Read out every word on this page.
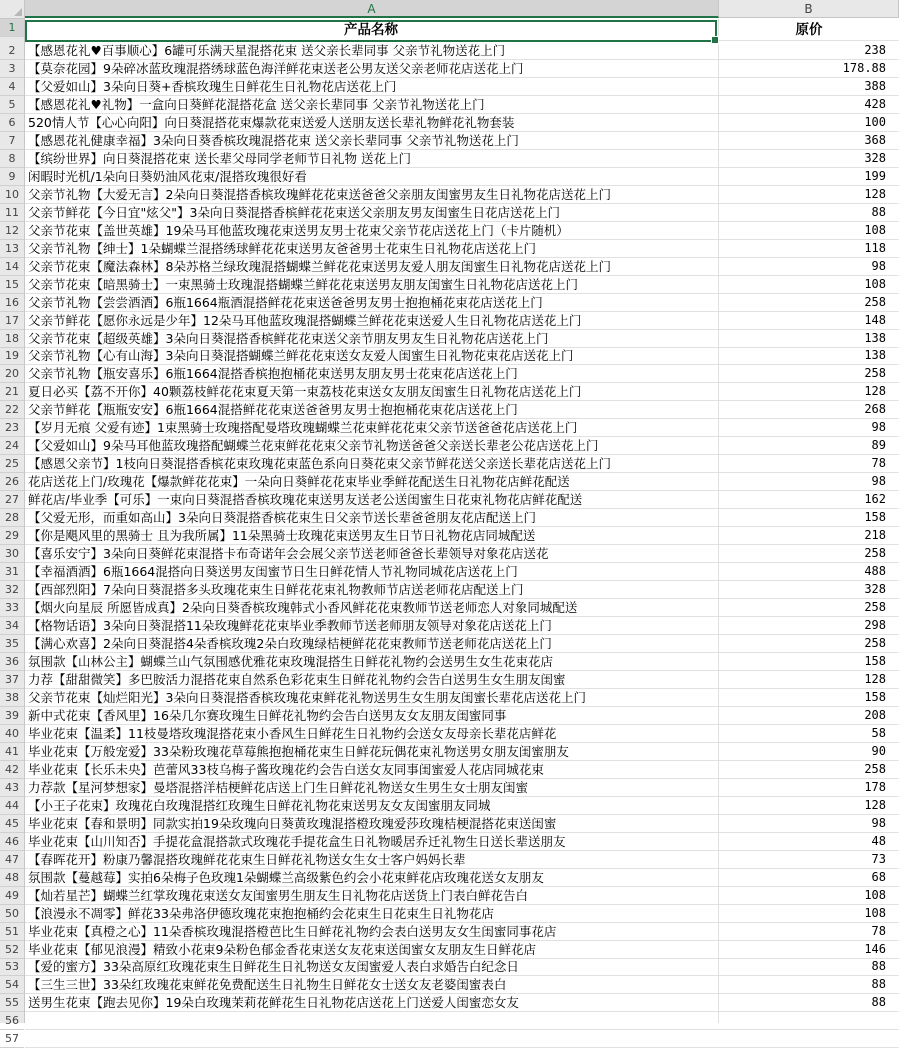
A	B
1	产品名称	原价
2	【感恩花礼♥百事顺心】6罐可乐满天星混搭花束 送父亲长辈同事 父亲节礼物送花上门	238
3	【莫奈花园】9朵碎冰蓝玫瑰混搭绣球蓝色海洋鲜花束送老公男友送父亲老师花店送花上门	178.88
4	【父爱如山】3朵向日葵+香槟玫瑰生日鲜花生日礼物花店送花上门	388
5	【感恩花礼♥礼物】一盒向日葵鲜花混搭花盒 送父亲长辈同事 父亲节礼物送花上门	428
6	520情人节【心心向阳】向日葵混搭花束爆款花束送爱人送朋友送长辈礼物鲜花礼物套装	100
7	【感恩花礼健康幸福】3朵向日葵香槟玫瑰混搭花束 送父亲长辈同事 父亲节礼物送花上门	368
8	【缤纷世界】向日葵混搭花束 送长辈父母同学老师节日礼物 送花上门	328
9	闲暇时光机/1朵向日葵奶油风花束/混搭玫瑰很好看	199
10 父亲节礼物【大爱无言】2朵向日葵混搭香槟玫瑰鲜花花束送爸爸父亲朋友闺蜜男友生日礼物花店送花上门	128
11 父亲节鲜花【今日宜"炫父"】3朵向日葵混搭香槟鲜花花束送父亲朋友男友闺蜜生日花店送花上门	88
12 父亲节花束【盖世英雄】19朵马耳他蓝玫瑰花束送男友男士花束父亲节花店送花上门（卡片随机）	108
13 父亲节礼物【绅士】1朵蝴蝶兰混搭绣球鲜花花束送男友爸爸男士花束生日礼物花店送花上门	118
14 父亲节花束【魔法森林】8朵苏格兰绿玫瑰混搭蝴蝶兰鲜花花束送男友爱人朋友闺蜜生日礼物花店送花上门	98
15 父亲节花束【暗黑骑士】一束黑骑士玫瑰混搭蝴蝶兰鲜花花束送男友朋友闺蜜生日礼物花店送花上门	108
16 父亲节礼物【尝尝酒酒】6瓶1664瓶酒混搭鲜花花束送爸爸男友男士抱抱桶花束花店送花上门	258
17 父亲节鲜花【愿你永远是少年】12朵马耳他蓝玫瑰混搭蝴蝶兰鲜花花束送爱人生日礼物花店送花上门	148
18 父亲节花束【超级英雄】3朵向日葵混搭香槟鲜花花束送父亲节朋友男友生日礼物花店送花上门	138
19 父亲节礼物【心有山海】3朵向日葵混搭蝴蝶兰鲜花花束送女友爱人闺蜜生日礼物花束花店送花上门	138
20 父亲节礼物【瓶安喜乐】6瓶1664混搭香槟抱抱桶花束送男友朋友男士花束花店送花上门	258
21 夏日必买【荔不开你】40颗荔枝鲜花花束夏天第一束荔枝花束送女友朋友闺蜜生日礼物花店送花上门	128
22 父亲节鲜花【瓶瓶安安】6瓶1664混搭鲜花花束送爸爸男友男士抱抱桶花束花店送花上门	268
23 【岁月无痕 父爱有迹】1束黑骑士玫瑰搭配曼塔玫瑰蝴蝶兰花束鲜花花束父亲节送爸爸花店送花上门	98
24 【父爱如山】9朵马耳他蓝玫瑰搭配蝴蝶兰花束鲜花花束父亲节礼物送爸爸父亲送长辈老公花店送花上门	89
25 【感恩父亲节】1枝向日葵混搭香槟花束玫瑰花束蓝色系向日葵花束父亲节鲜花送父亲送长辈花店送花上门	78
26 花店送花上门/玫瑰花【爆款鲜花花束】一朵向日葵鲜花花束毕业季鲜花配送生日礼物花店鲜花配送	98
27 鲜花店/毕业季【可乐】一束向日葵混搭香槟玫瑰花束送男友送老公送闺蜜生日花束礼物花店鲜花配送	162
28 【父爱无形，而重如高山】3朵向日葵混搭香槟花束生日父亲节送长辈爸爸朋友花店配送上门	158
29 【你是飓风里的黑骑士 且为我所属】11朵黑骑士玫瑰花束送男友生日节日礼物花店同城配送	218
30 【喜乐安宁】3朵向日葵鲜花束混搭卡布奇诺年会会展父亲节送老师爸爸长辈领导对象花店送花	258
31 【幸福酒酒】6瓶1664混搭向日葵送男友闺蜜节日生日鲜花情人节礼物同城花店送花上门	488
32 【西部烈阳】7朵向日葵混搭多头玫瑰花束生日鲜花花束礼物教师节店送老师花店配送上门	328
33 【烟火向星辰 所愿皆成真】2朵向日葵香槟玫瑰韩式小香风鲜花花束教师节送老师恋人对象同城配送	258
34 【格物话语】3朵向日葵混搭11朵玫瑰鲜花花束毕业季教师节送老师朋友领导对象花店送花上门	298
35 【满心欢喜】2朵向日葵混搭4朵香槟玫瑰2朵白玫瑰绿桔梗鲜花花束教师节送老师花店送花上门	258
36 氛围款【山林公主】蝴蝶兰山气氛围感优雅花束玫瑰混搭生日鲜花礼物约会送男生女生花束花店	158
37 力荐【甜甜微笑】多巴胺活力混搭花束自然系色彩花束生日鲜花礼物约会告白送男生女生朋友闺蜜	128
38 父亲节花束【灿烂阳光】3朵向日葵混搭香槟玫瑰花束鲜花礼物送男生女生朋友闺蜜长辈花店送花上门	158
39 新中式花束【香风里】16朵几尔赛玫瑰生日鲜花礼物约会告白送男友女友朋友闺蜜同事	208
40 毕业花束【温柔】11枝曼塔玫瑰混搭花束小香风生日鲜花生日礼物约会送女友母亲长辈花店鲜花	58
41 毕业花束【万般宠爱】33朵粉玫瑰花草莓熊抱抱桶花束生日鲜花玩偶花束礼物送男女朋友闺蜜朋友	90
42 毕业花束【长乐未央】芭蕾风33枝乌梅子酱玫瑰花约会告白送女友同事闺蜜爱人花店同城花束	258
43 力荐款【星河梦想家】曼塔混搭洋桔梗鲜花店送上门生日鲜花礼物送女生男生女士朋友闺蜜	178
44 【小王子花束】玫瑰花白玫瑰混搭红玫瑰生日鲜花礼物花束送男友女友闺蜜朋友同城	128
45 毕业花束【春和景明】同款实拍19朵玫瑰向日葵黄玫瑰混搭橙玫瑰爱莎玫瑰桔梗混搭花束送闺蜜	98
46 毕业花束【山川知否】手提花盒混搭款式玫瑰花手提花盒生日礼物暖居乔迁礼物生日送长辈送朋友	48
47 【春晖花开】粉康乃馨混搭玫瑰鲜花花束生日鲜花礼物送女生女士客户妈妈长辈	73
48 氛围款【蔓越莓】实拍6朵梅子色玫瑰1朵蝴蝶兰高级紫色约会小花束鲜花店玫瑰花送女友朋友	68
49 【灿若星芒】蝴蝶兰红掌玫瑰花束送女友闺蜜男生朋友生日礼物花店送货上门表白鲜花告白	108
50 【浪漫永不凋零】鲜花33朵弗洛伊德玫瑰花束抱抱桶约会花束生日花束生日礼物花店	108
51 毕业花束【真橙之心】11朵香槟玫瑰混搭橙芭比生日鲜花礼物约会表白送男友女生闺蜜同事花店	78
52 毕业花束【郁见浪漫】精致小花束9朵粉色郁金香花束送女友花束送闺蜜女友朋友生日鲜花店	146
53 【爱的蜜方】33朵高原红玫瑰花束生日鲜花生日礼物送女友闺蜜爱人表白求婚告白纪念日	88
54 【三生三世】33朵红玫瑰花束鲜花免费配送生日礼物生日鲜花女士送女友老婆闺蜜表白	88
55 送男生花束【跑去见你】19朵白玫瑰茉莉花鲜花生日礼物花店送花上门送爱人闺蜜恋女友	88
56
57
